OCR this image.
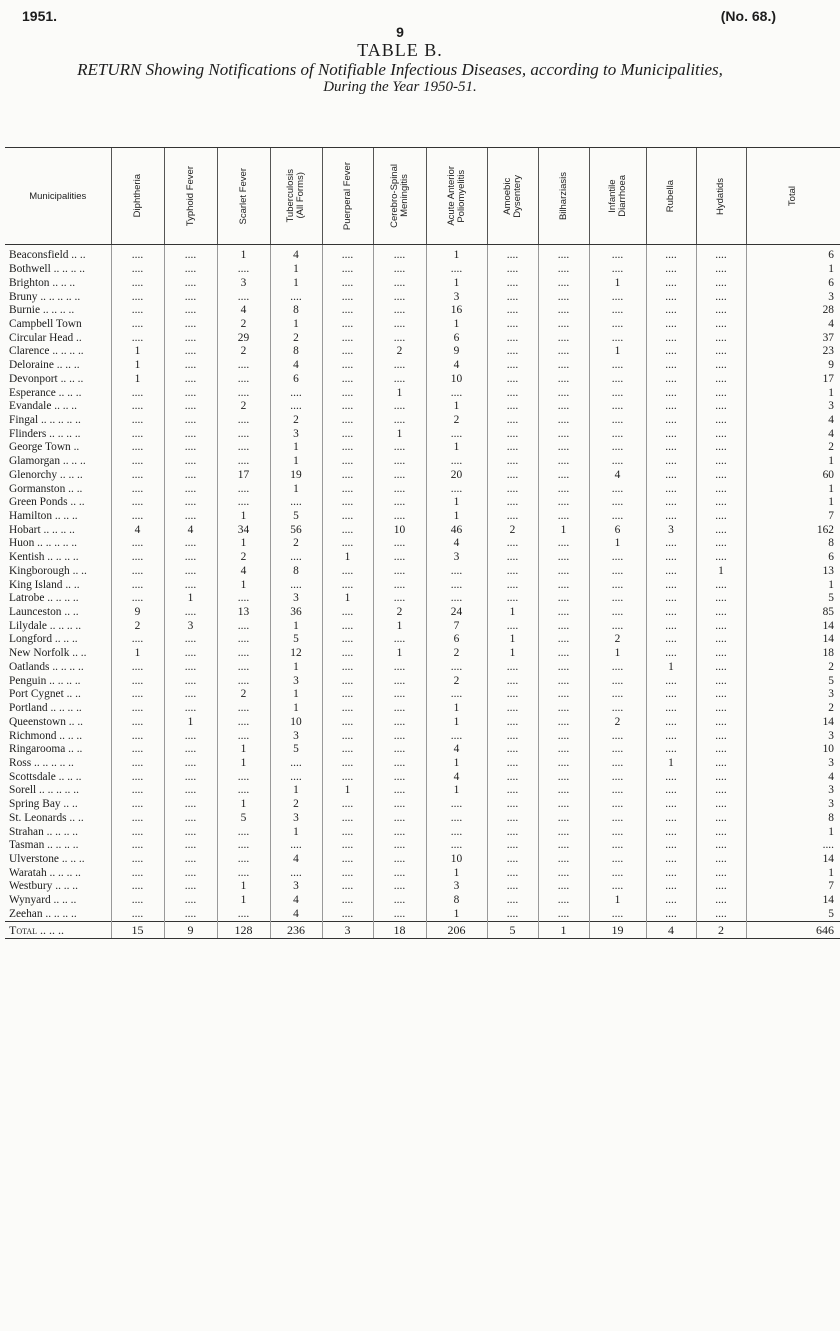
1951.	(No. 68.)
9
TABLE B.
RETURN Showing Notifications of Notifiable Infectious Diseases, according to Municipalities,
During the Year 1950-51.
Municipalities	Diphtheria	Typhoid Fever	Scarlet Fever	Tuberculosis
(All Forms)	Puerperal Fever	Cerebro-Spinal
Meningitis	Acute Anterior
Poliomyelitis	Amoebic
Dysentery	Bilharziasis	Infantile
Diarrhoea	Rubella	Hydatids	Total

Beaconsfield .. ..	....	....	1	4	....	....	1	....	....	....	....	....	6
Bothwell .. .. .. ..	....	....	....	1	....	....	....	....	....	....	....	....	1
Brighton .. .. ..	....	....	3	1	....	....	1	....	....	1	....	....	6
Bruny .. .. .. .. ..	....	....	....	....	....	....	3	....	....	....	....	....	3
Burnie .. .. .. ..	....	....	4	8	....	....	16	....	....	....	....	....	28
Campbell Town	....	....	2	1	....	....	1	....	....	....	....	....	4
Circular Head ..	....	....	29	2	....	....	6	....	....	....	....	....	37
Clarence .. .. .. ..	1	....	2	8	....	2	9	....	....	1	....	....	23
Deloraine .. .. ..	1	....	....	4	....	....	4	....	....	....	....	....	9
Devonport .. .. ..	1	....	....	6	....	....	10	....	....	....	....	....	17
Esperance .. .. ..	....	....	....	....	....	1	....	....	....	....	....	....	1
Evandale .. .. ..	....	....	2	....	....	....	1	....	....	....	....	....	3
Fingal .. .. .. .. ..	....	....	....	2	....	....	2	....	....	....	....	....	4
Flinders .. .. .. ..	....	....	....	3	....	1	....	....	....	....	....	....	4
George Town ..	....	....	....	1	....	....	1	....	....	....	....	....	2
Glamorgan .. .. ..	....	....	....	1	....	....	....	....	....	....	....	....	1
Glenorchy .. .. ..	....	....	17	19	....	....	20	....	....	4	....	....	60
Gormanston .. ..	....	....	....	1	....	....	....	....	....	....	....	....	1
Green Ponds .. ..	....	....	....	....	....	....	1	....	....	....	....	....	1
Hamilton .. .. ..	....	....	1	5	....	....	1	....	....	....	....	....	7
Hobart .. .. .. ..	4	4	34	56	....	10	46	2	1	6	3	....	162
Huon .. .. .. .. ..	....	....	1	2	....	....	4	....	....	1	....	....	8
Kentish .. .. .. ..	....	....	2	....	1	....	3	....	....	....	....	....	6
Kingborough .. ..	....	....	4	8	....	....	....	....	....	....	....	1	13
King Island .. ..	....	....	1	....	....	....	....	....	....	....	....	....	1
Latrobe .. .. .. ..	....	1	....	3	1	....	....	....	....	....	....	....	5
Launceston .. ..	9	....	13	36	....	2	24	1	....	....	....	....	85
Lilydale .. .. .. ..	2	3	....	1	....	1	7	....	....	....	....	....	14
Longford .. .. ..	....	....	....	5	....	....	6	1	....	2	....	....	14
New Norfolk .. ..	1	....	....	12	....	1	2	1	....	1	....	....	18
Oatlands .. .. .. ..	....	....	....	1	....	....	....	....	....	....	1	....	2
Penguin .. .. .. ..	....	....	....	3	....	....	2	....	....	....	....	....	5
Port Cygnet .. ..	....	....	2	1	....	....	....	....	....	....	....	....	3
Portland .. .. .. ..	....	....	....	1	....	....	1	....	....	....	....	....	2
Queenstown .. ..	....	1	....	10	....	....	1	....	....	2	....	....	14
Richmond .. .. ..	....	....	....	3	....	....	....	....	....	....	....	....	3
Ringarooma .. ..	....	....	1	5	....	....	4	....	....	....	....	....	10
Ross .. .. .. .. ..	....	....	1	....	....	....	1	....	....	....	1	....	3
Scottsdale .. .. ..	....	....	....	....	....	....	4	....	....	....	....	....	4
Sorell .. .. .. .. ..	....	....	....	1	1	....	1	....	....	....	....	....	3
Spring Bay .. ..	....	....	1	2	....	....	....	....	....	....	....	....	3
St. Leonards .. ..	....	....	5	3	....	....	....	....	....	....	....	....	8
Strahan .. .. .. ..	....	....	....	1	....	....	....	....	....	....	....	....	1
Tasman .. .. .. ..	....	....	....	....	....	....	....	....	....	....	....	....	....
Ulverstone .. .. ..	....	....	....	4	....	....	10	....	....	....	....	....	14
Waratah .. .. .. ..	....	....	....	....	....	....	1	....	....	....	....	....	1
Westbury .. .. ..	....	....	1	3	....	....	3	....	....	....	....	....	7
Wynyard .. .. ..	....	....	1	4	....	....	8	....	....	1	....	....	14
Zeehan .. .. .. ..	....	....	....	4	....	....	1	....	....	....	....	....	5
Total .. .. ..	15	9	128	236	3	18	206	5	1	19	4	2	646
